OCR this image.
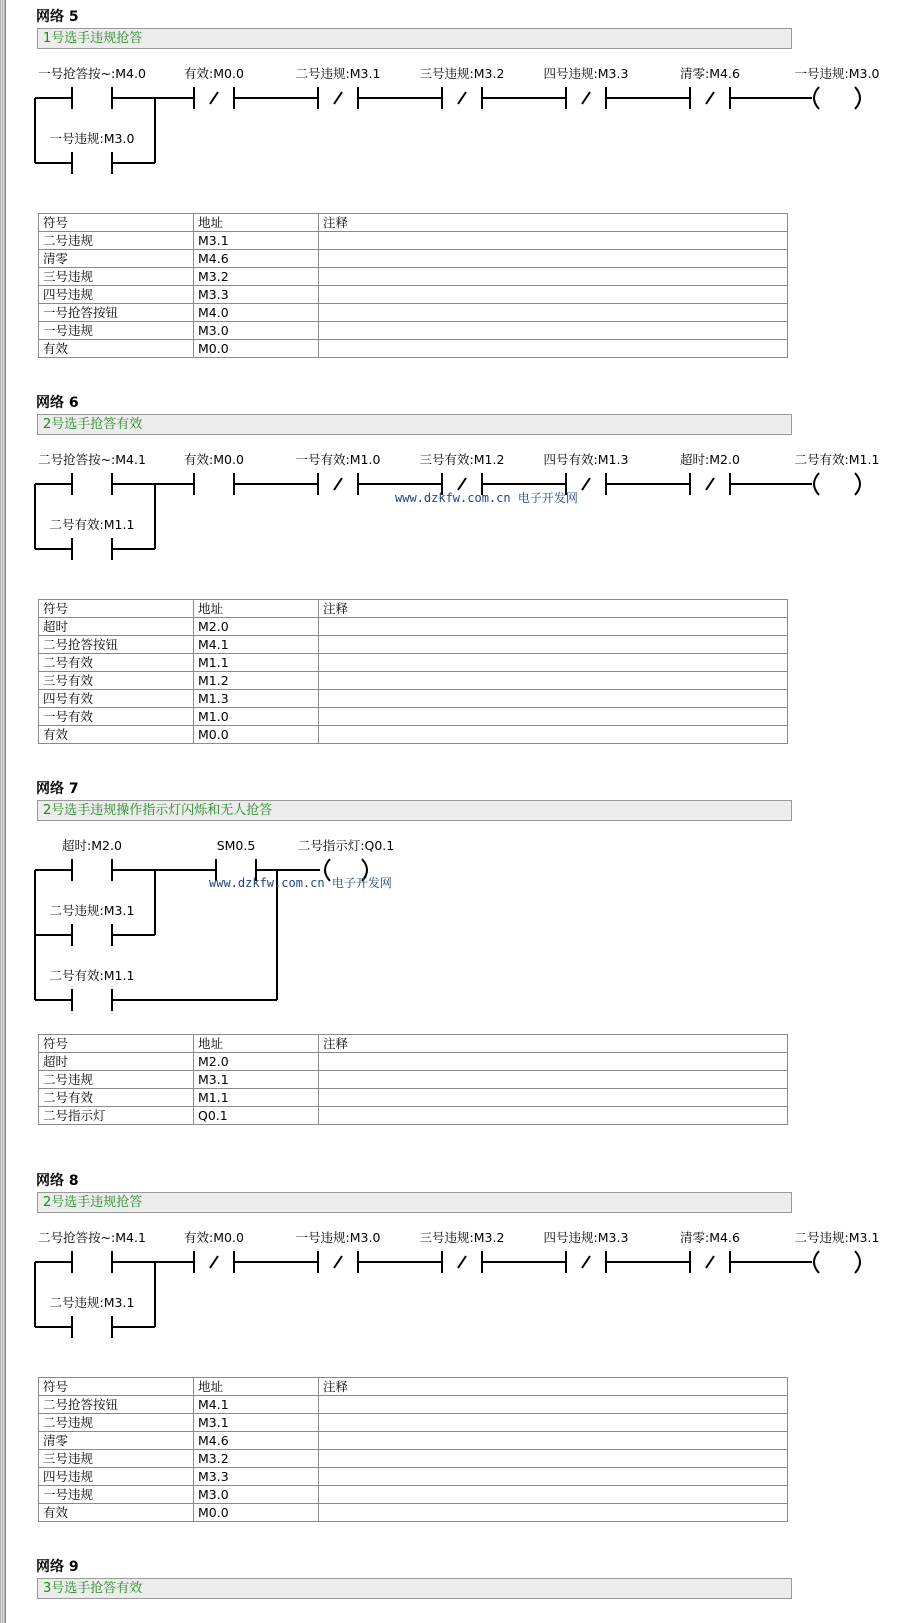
网络 5
1号选手违规抢答
一号抢答按~:M4.0	有效:M0.0	二号违规:M3.1	三号违规:M3.2	四号违规:M3.3	清零:M4.6	一号违规:M3.0
一号违规:M3.0
符号	地址	注释
二号违规	M3.1	
清零	M4.6	
三号违规	M3.2	
四号违规	M3.3	
一号抢答按钮	M4.0	
一号违规	M3.0	
有效	M0.0	
网络 6
2号选手抢答有效
二号抢答按~:M4.1	有效:M0.0	一号有效:M1.0	三号有效:M1.2	四号有效:M1.3	超时:M2.0	二号有效:M1.1
二号有效:M1.1
符号	地址	注释
超时	M2.0	
二号抢答按钮	M4.1	
二号有效	M1.1	
三号有效	M1.2	
四号有效	M1.3	
一号有效	M1.0	
有效	M0.0	
网络 7
2号选手违规操作指示灯闪烁和无人抢答
超时:M2.0	SM0.5	二号指示灯:Q0.1
二号违规:M3.1
二号有效:M1.1
符号	地址	注释
超时	M2.0	
二号违规	M3.1	
二号有效	M1.1	
二号指示灯	Q0.1	
网络 8
2号选手违规抢答
二号抢答按~:M4.1	有效:M0.0	一号违规:M3.0	三号违规:M3.2	四号违规:M3.3	清零:M4.6	二号违规:M3.1
二号违规:M3.1
符号	地址	注释
二号抢答按钮	M4.1	
二号违规	M3.1	
清零	M4.6	
三号违规	M3.2	
四号违规	M3.3	
一号违规	M3.0	
有效	M0.0	
网络 9
3号选手抢答有效
www.dzkfw.com.cn 电子开发网
www.dzkfw.com.cn 电子开发网
